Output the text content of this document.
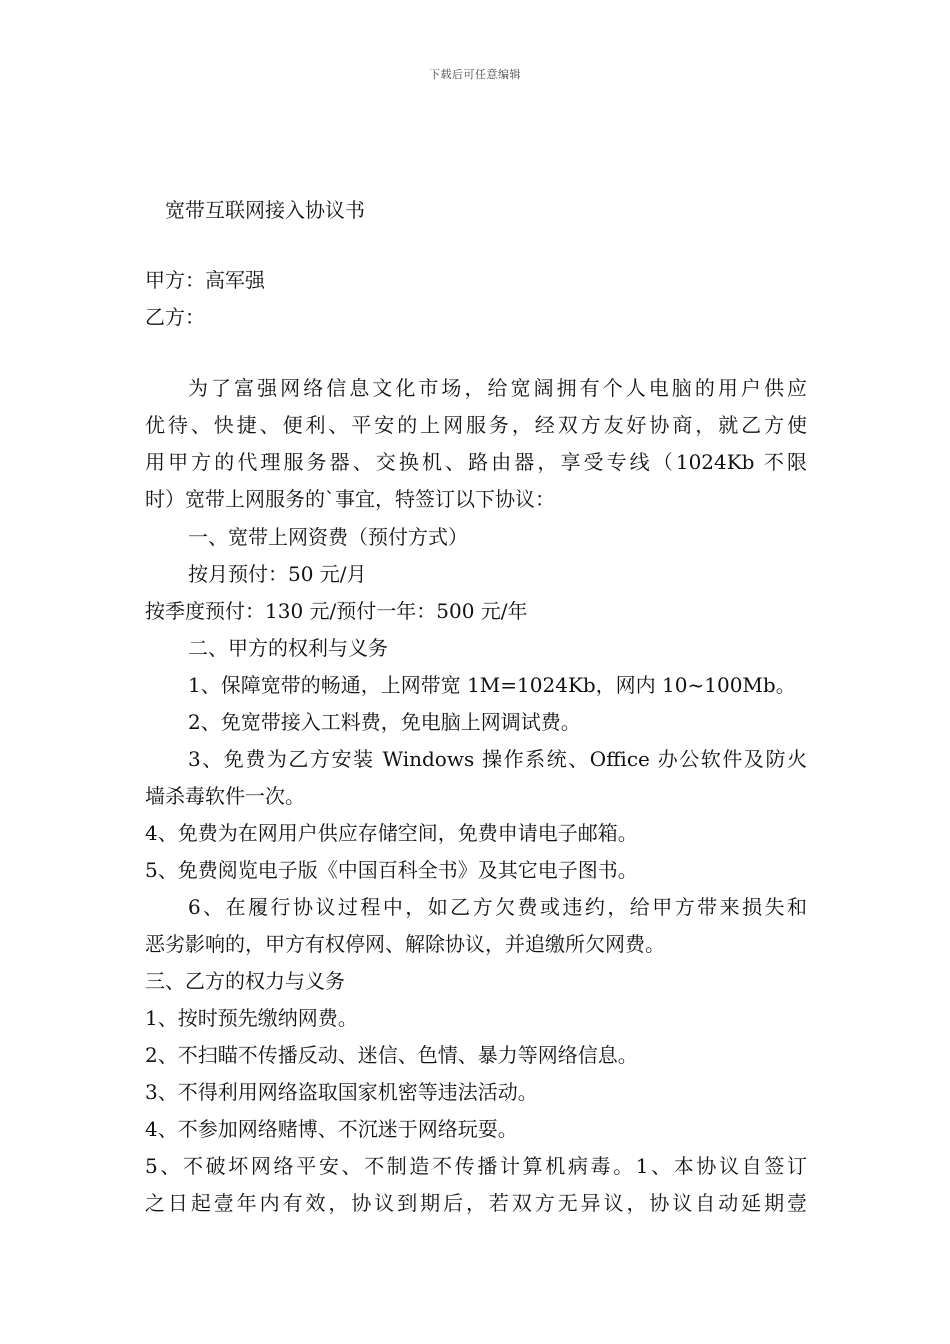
下载后可任意编辑
宽带互联网接入协议书
甲方：高军强
乙方：
为了富强网络信息文化市场，给宽阔拥有个人电脑的用户供应
优待、快捷、便利、平安的上网服务，经双方友好协商，就乙方使
用甲方的代理服务器、交换机、路由器，享受专线（1024Kb 不限
时）宽带上网服务的`事宜，特签订以下协议：
一、宽带上网资费（预付方式）
按月预付：50 元/月
按季度预付：130 元/预付一年：500 元/年
二、甲方的权利与义务
1、保障宽带的畅通，上网带宽 1M=1024Kb，网内 10~100Mb。
2、免宽带接入工料费，免电脑上网调试费。
3、免费为乙方安装 Windows 操作系统、Office 办公软件及防火
墙杀毒软件一次。
4、免费为在网用户供应存储空间，免费申请电子邮箱。
5、免费阅览电子版《中国百科全书》及其它电子图书。
6、在履行协议过程中，如乙方欠费或违约，给甲方带来损失和
恶劣影响的，甲方有权停网、解除协议，并追缴所欠网费。
三、乙方的权力与义务
1、按时预先缴纳网费。
2、不扫瞄不传播反动、迷信、色情、暴力等网络信息。
3、不得利用网络盗取国家机密等违法活动。
4、不参加网络赌博、不沉迷于网络玩耍。
5、不破坏网络平安、不制造不传播计算机病毒。1、本协议自签订
之日起壹年内有效，协议到期后，若双方无异议，协议自动延期壹
